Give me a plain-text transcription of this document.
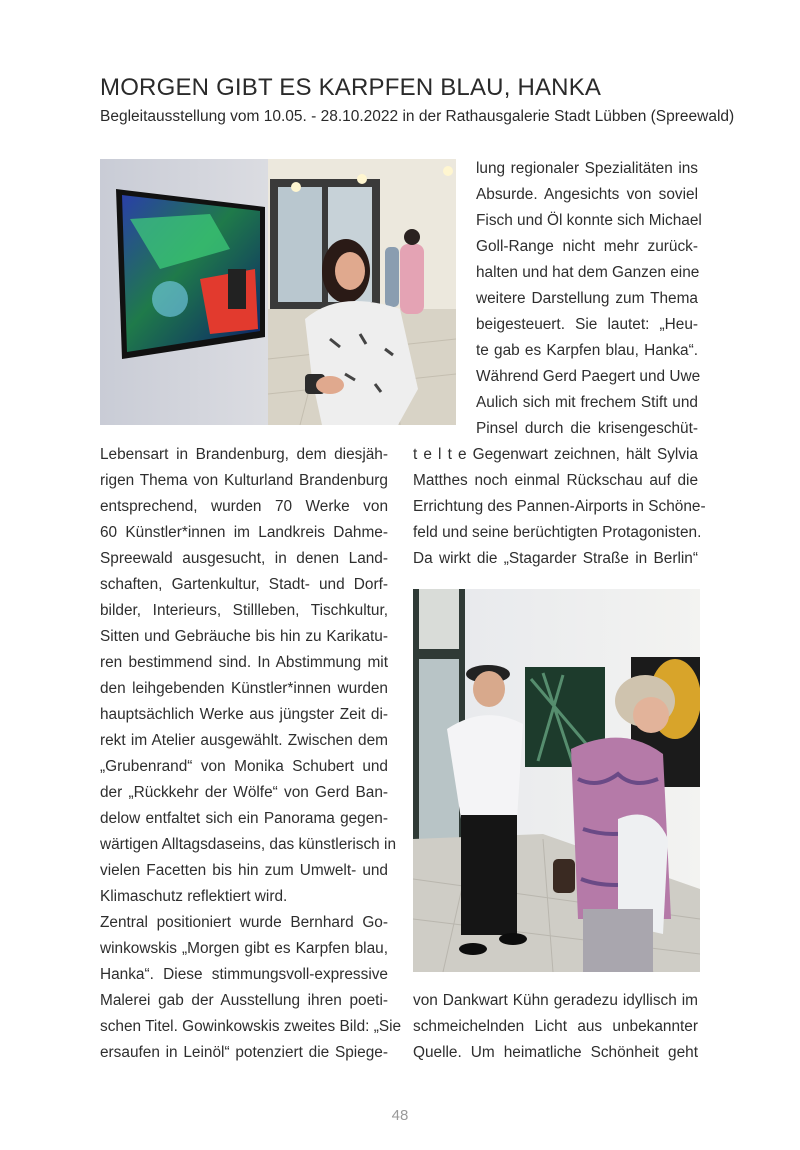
MORGEN GIBT ES KARPFEN BLAU, HANKA
Begleitausstellung vom 10.05. - 28.10.2022 in der Rathausgalerie Stadt Lübben (Spreewald)
lung regionaler Spezialitäten ins
Absurde. Angesichts von soviel
Fisch und Öl konnte sich Michael
Goll-Range nicht mehr zurück-
halten und hat dem Ganzen eine
weitere Darstellung zum Thema
beigesteuert. Sie lautet: „Heu-
te gab es Karpfen blau, Hanka“.
Während Gerd Paegert und Uwe
Aulich sich mit frechem Stift und
Pinsel durch die krisengeschüt-
t e l t e Gegenwart zeichnen, hält Sylvia
Matthes noch einmal Rückschau auf die
Errichtung des Pannen-Airports in Schöne-
feld und seine berüchtigten Protagonisten.
Da wirkt die „Stagarder Straße in Berlin“
Lebensart in Brandenburg, dem diesjäh-
rigen Thema von Kulturland Brandenburg
entsprechend, wurden 70 Werke von
60 Künstler*innen im Landkreis Dahme-
Spreewald ausgesucht, in denen Land-
schaften, Gartenkultur, Stadt- und Dorf-
bilder, Interieurs, Stillleben, Tischkultur,
Sitten und Gebräuche bis hin zu Karikatu-
ren bestimmend sind. In Abstimmung mit
den leihgebenden Künstler*innen wurden
hauptsächlich Werke aus jüngster Zeit di-
rekt im Atelier ausgewählt. Zwischen dem
„Grubenrand“ von Monika Schubert und
der „Rückkehr der Wölfe“ von Gerd Ban-
delow entfaltet sich ein Panorama gegen-
wärtigen Alltagsdaseins, das künstlerisch in
vielen Facetten bis hin zum Umwelt- und
Klimaschutz reflektiert wird.
Zentral positioniert wurde Bernhard Go-
winkowskis „Morgen gibt es Karpfen blau,
Hanka“. Diese stimmungsvoll-expressive
Malerei gab der Ausstellung ihren poeti-
schen Titel. Gowinkowskis zweites Bild: „Sie
ersaufen in Leinöl“ potenziert die Spiege-
von Dankwart Kühn geradezu idyllisch im
schmeichelnden Licht aus unbekannter
Quelle. Um heimatliche Schönheit geht
48
